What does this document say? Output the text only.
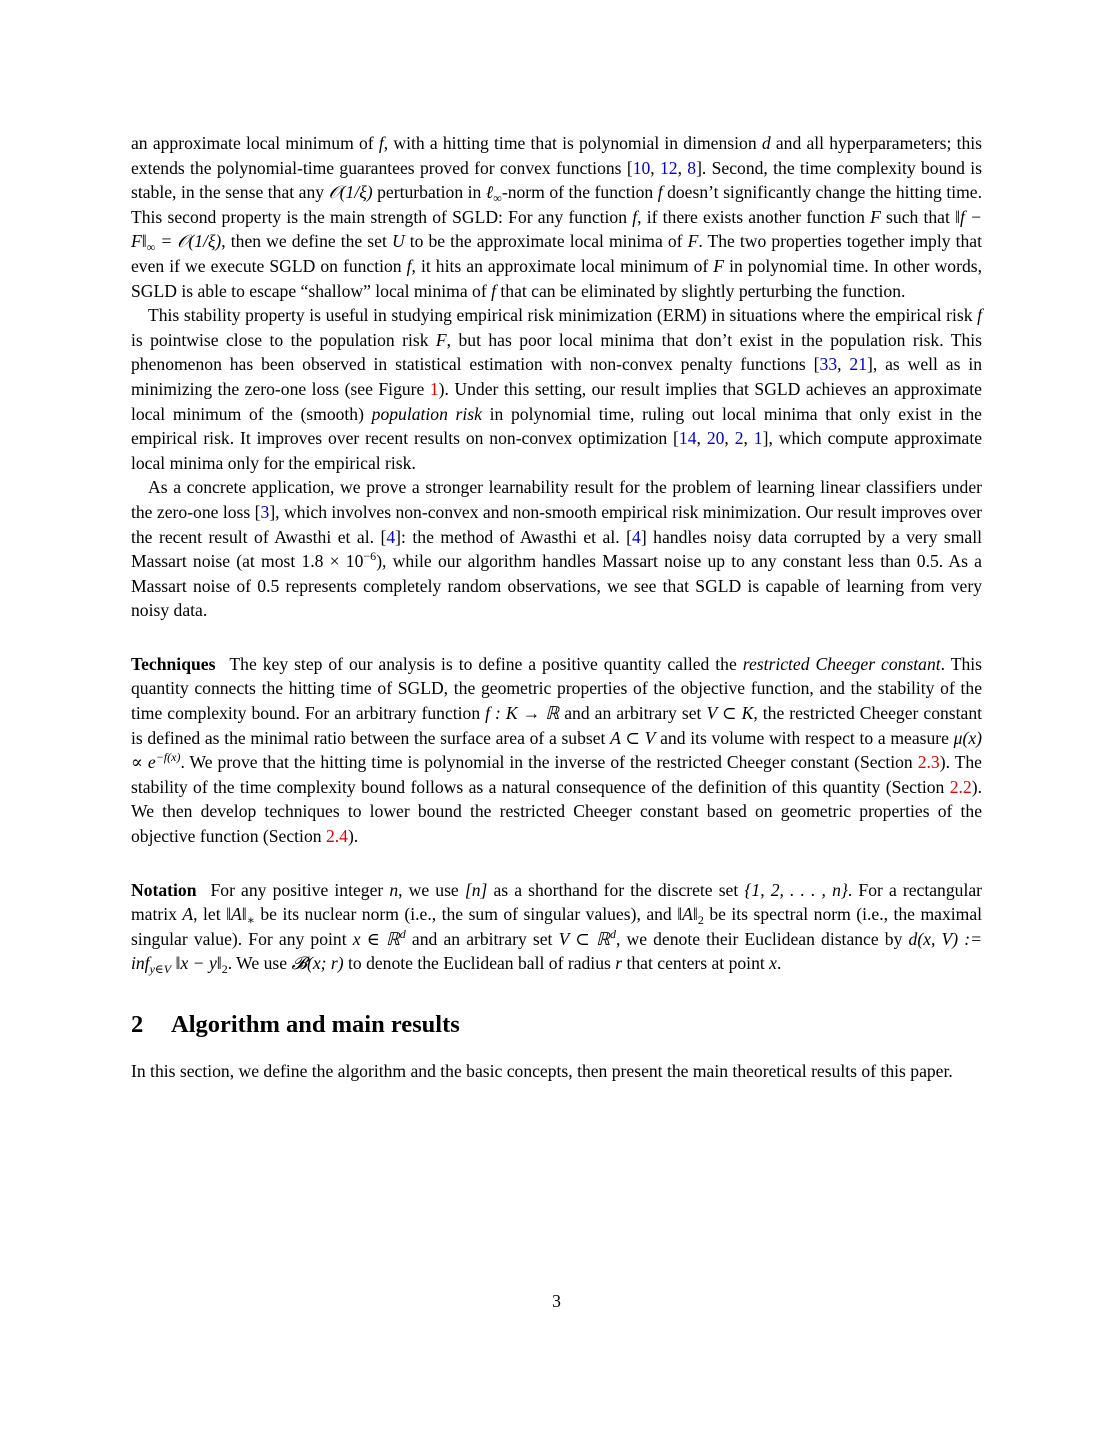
an approximate local minimum of f, with a hitting time that is polynomial in dimension d and all hyperparameters; this extends the polynomial-time guarantees proved for convex functions [10, 12, 8]. Second, the time complexity bound is stable, in the sense that any 𝒪(1/ξ) perturbation in ℓ$_\infty$-norm of the function f doesn’t significantly change the hitting time. This second property is the main strength of SGLD: For any function f, if there exists another function F such that ‖f − $F‖_\infty$ = 𝒪(1/ξ), then we define the set U to be the approximate local minima of F. The two properties together imply that even if we execute SGLD on function f, it hits an approximate local minimum of F in polynomial time. In other words, SGLD is able to escape “shallow” local minima of f that can be eliminated by slightly perturbing the function.

This stability property is useful in studying empirical risk minimization (ERM) in situations where the empirical risk f is pointwise close to the population risk F, but has poor local minima that don’t exist in the population risk. This phenomenon has been observed in statistical estimation with non-convex penalty functions [33, 21], as well as in minimizing the zero-one loss (see Figure 1). Under this setting, our result implies that SGLD achieves an approximate local minimum of the (smooth) population risk in polynomial time, ruling out local minima that only exist in the empirical risk. It improves over recent results on non-convex optimization [14, 20, 2, 1], which compute approximate local minima only for the empirical risk.

As a concrete application, we prove a stronger learnability result for the problem of learning linear classifiers under the zero-one loss [3], which involves non-convex and non-smooth empirical risk minimization. Our result improves over the recent result of Awasthi et al. [4]: the method of Awasthi et al. [4] handles noisy data corrupted by a very small Massart noise (at most $1.8 \times 10^{-6}$), while our algorithm handles Massart noise up to any constant less than 0.5. As a Massart noise of 0.5 represents completely random observations, we see that SGLD is capable of learning from very noisy data.

Techniques The key step of our analysis is to define a positive quantity called the restricted Cheeger constant. This quantity connects the hitting time of SGLD, the geometric properties of the objective function, and the stability of the time complexity bound. For an arbitrary function f : K → ℝ and an arbitrary set V ⊂ K, the restricted Cheeger constant is defined as the minimal ratio between the surface area of a subset A ⊂ V and its volume with respect to a measure $\mu(x) \propto e^{-f(x)}$. We prove that the hitting time is polynomial in the inverse of the restricted Cheeger constant (Section 2.3). The stability of the time complexity bound follows as a natural consequence of the definition of this quantity (Section 2.2). We then develop techniques to lower bound the restricted Cheeger constant based on geometric properties of the objective function (Section 2.4).

Notation For any positive integer n, we use [n] as a shorthand for the discrete set {1, 2, . . . , n}. For a rectangular matrix A, let $‖A‖_∗$ be its nuclear norm (i.e., the sum of singular values), and $‖A‖_2$ be its spectral norm (i.e., the maximal singular value). For any point x ∈ ℝ$^d$ and an arbitrary set V ⊂ ℝ$^d$, we denote their Euclidean distance by d(x, V) := inf$_{y\in V}$ ‖x − $y‖_2$. We use 𝓑(x; r) to denote the Euclidean ball of radius r that centers at point x.

2 Algorithm and main results

In this section, we define the algorithm and the basic concepts, then present the main theoretical results of this paper.

3
